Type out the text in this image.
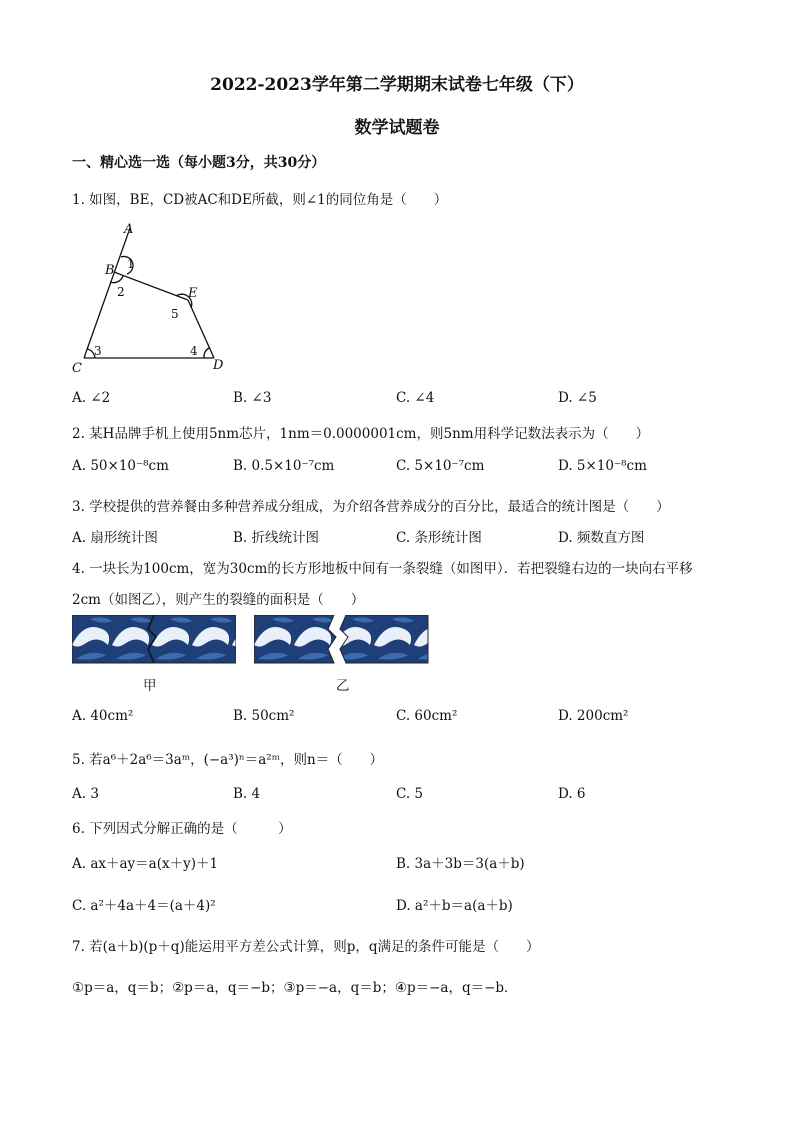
2022-2023学年第二学期期末试卷七年级（下）
数学试题卷
一、精心选一选（每小题3分，共30分）
1. 如图，BE，CD被AC和DE所截，则∠1的同位角是（　　）
A
B
C	D
E
1
2
3	4
5
A. ∠2	B. ∠3	C. ∠4	D. ∠5
2. 某H品牌手机上使用5nm芯片，1nm＝0.0000001cm，则5nm用科学记数法表示为（　　）
A. 50×10⁻⁸cm	B. 0.5×10⁻⁷cm	C. 5×10⁻⁷cm	D. 5×10⁻⁸cm
3. 学校提供的营养餐由多种营养成分组成，为介绍各营养成分的百分比，最适合的统计图是（　　）
A. 扇形统计图	B. 折线统计图	C. 条形统计图	D. 频数直方图
4. 一块长为100cm，宽为30cm的长方形地板中间有一条裂缝（如图甲）．若把裂缝右边的一块向右平移
2cm（如图乙），则产生的裂缝的面积是（　　）
甲	乙
A. 40cm²	B. 50cm²	C. 60cm²	D. 200cm²
5. 若a⁶＋2a⁶＝3aᵐ，(−a³)ⁿ＝a²ᵐ，则n＝（　　）
A. 3	B. 4	C. 5	D. 6
6. 下列因式分解正确的是（　　　）
A. ax＋ay＝a(x＋y)＋1	B. 3a＋3b＝3(a＋b)
C. a²＋4a＋4＝(a＋4)²	D. a²＋b＝a(a＋b)
7. 若(a＋b)(p＋q)能运用平方差公式计算，则p，q满足的条件可能是（　　）
①p＝a，q＝b；②p＝a，q＝−b；③p＝−a，q＝b；④p＝−a，q＝−b．
